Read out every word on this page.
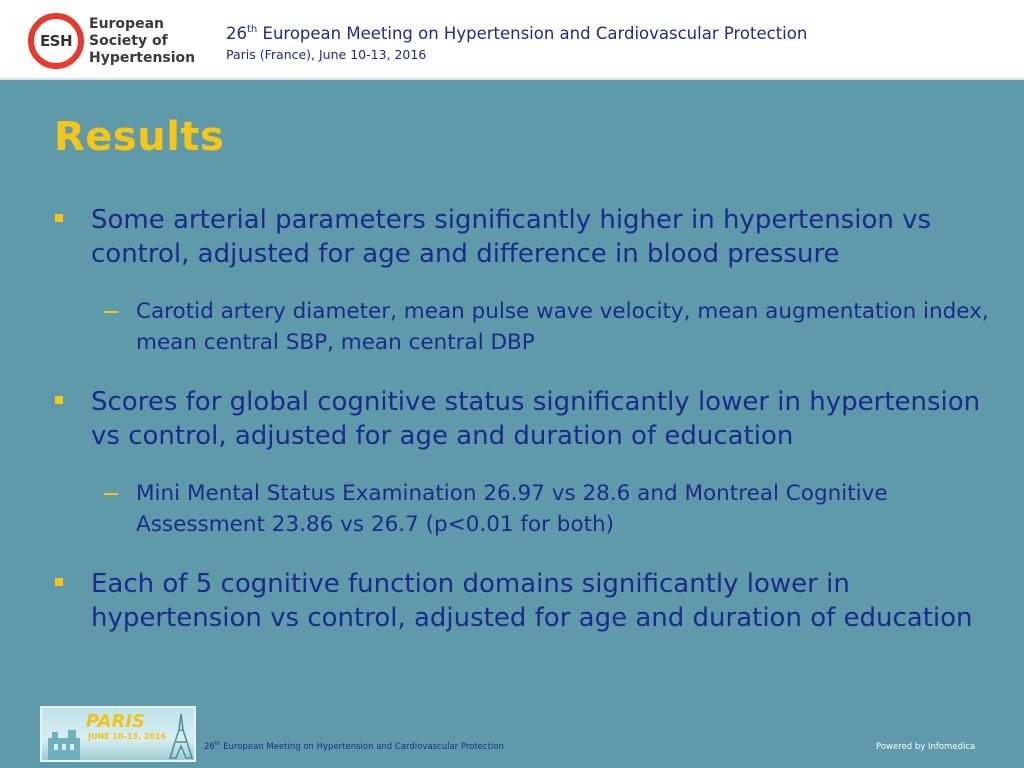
ESH
European
Society of
Hypertension
26th European Meeting on Hypertension and Cardiovascular Protection
Paris (France), June 10-13, 2016
Results

Some arterial parameters significantly higher in hypertension vs control, adjusted for age and difference in blood pressure

Carotid artery diameter, mean pulse wave velocity, mean augmentation index, mean central SBP, mean central DBP

Scores for global cognitive status significantly lower in hypertension vs control, adjusted for age and duration of education

Mini Mental Status Examination 26.97 vs 28.6 and Montreal Cognitive Assessment 23.86 vs 26.7 (p<0.01 for both)

Each of 5 cognitive function domains significantly lower in hypertension vs control, adjusted for age and duration of education

PARIS
JUNE 10-13, 2016
26th European Meeting on Hypertension and Cardiovascular Protection	Powered by Infomedica
